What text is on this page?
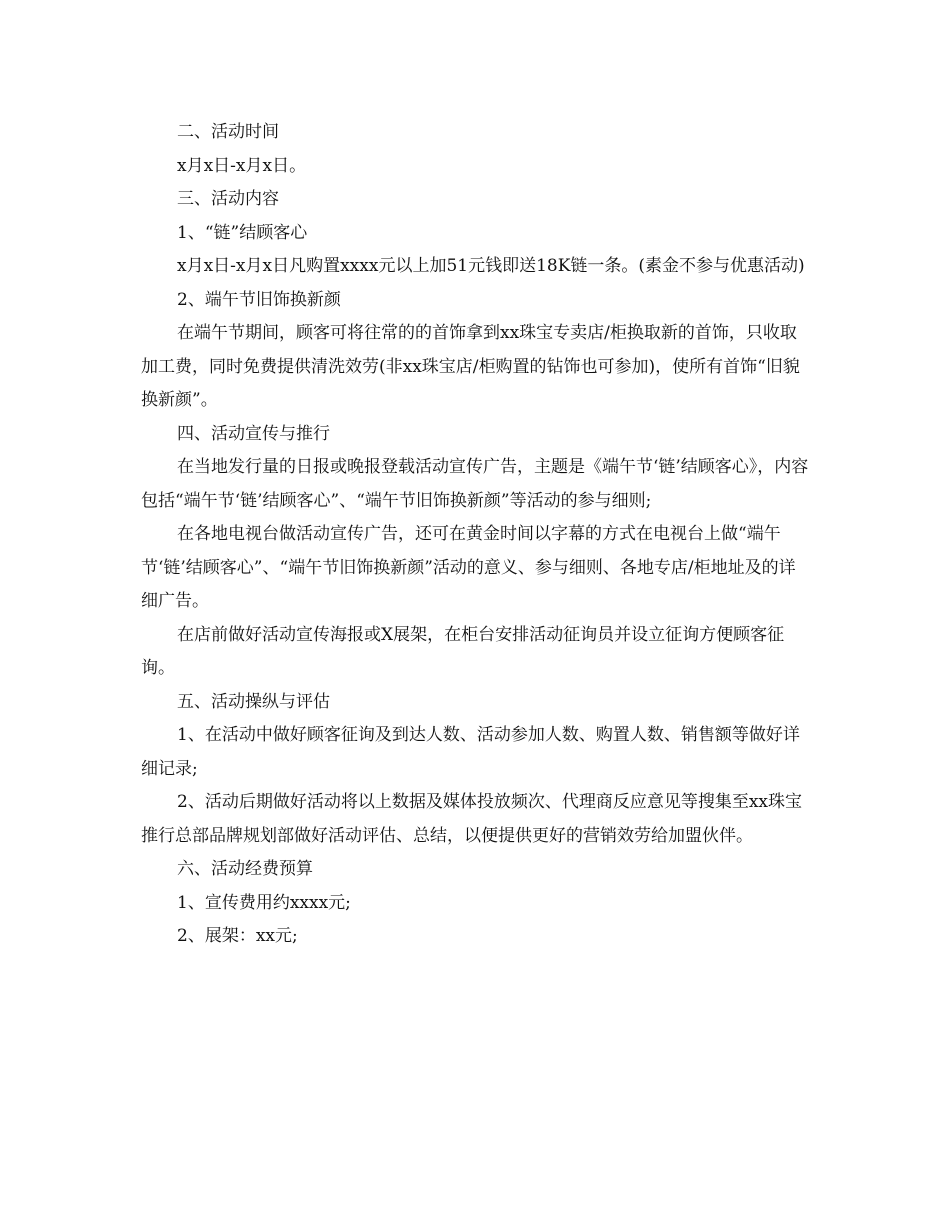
二、活动时间

x月x日-x月x日。

三、活动内容

1、“链”结顾客心

x月x日-x月x日凡购置xxxx元以上加51元钱即送18K链一条。(素金不参与优惠活动)

2、端午节旧饰换新颜

在端午节期间，顾客可将往常的的首饰拿到xx珠宝专卖店/柜换取新的首饰，只收取加工费，同时免费提供清洗效劳(非xx珠宝店/柜购置的钻饰也可参加)，使所有首饰“旧貌换新颜”。

四、活动宣传与推行

在当地发行量的日报或晚报登载活动宣传广告，主题是《端午节‘链’结顾客心》，内容包括“端午节‘链’结顾客心”、“端午节旧饰换新颜”等活动的参与细则;

在各地电视台做活动宣传广告，还可在黄金时间以字幕的方式在电视台上做“端午节‘链’结顾客心”、“端午节旧饰换新颜”活动的意义、参与细则、各地专店/柜地址及的详细广告。

在店前做好活动宣传海报或X展架，在柜台安排活动征询员并设立征询方便顾客征询。

五、活动操纵与评估

1、在活动中做好顾客征询及到达人数、活动参加人数、购置人数、销售额等做好详细记录;

2、活动后期做好活动将以上数据及媒体投放频次、代理商反应意见等搜集至xx珠宝推行总部品牌规划部做好活动评估、总结，以便提供更好的营销效劳给加盟伙伴。

六、活动经费预算

1、宣传费用约xxxx元;

2、展架：xx元;
